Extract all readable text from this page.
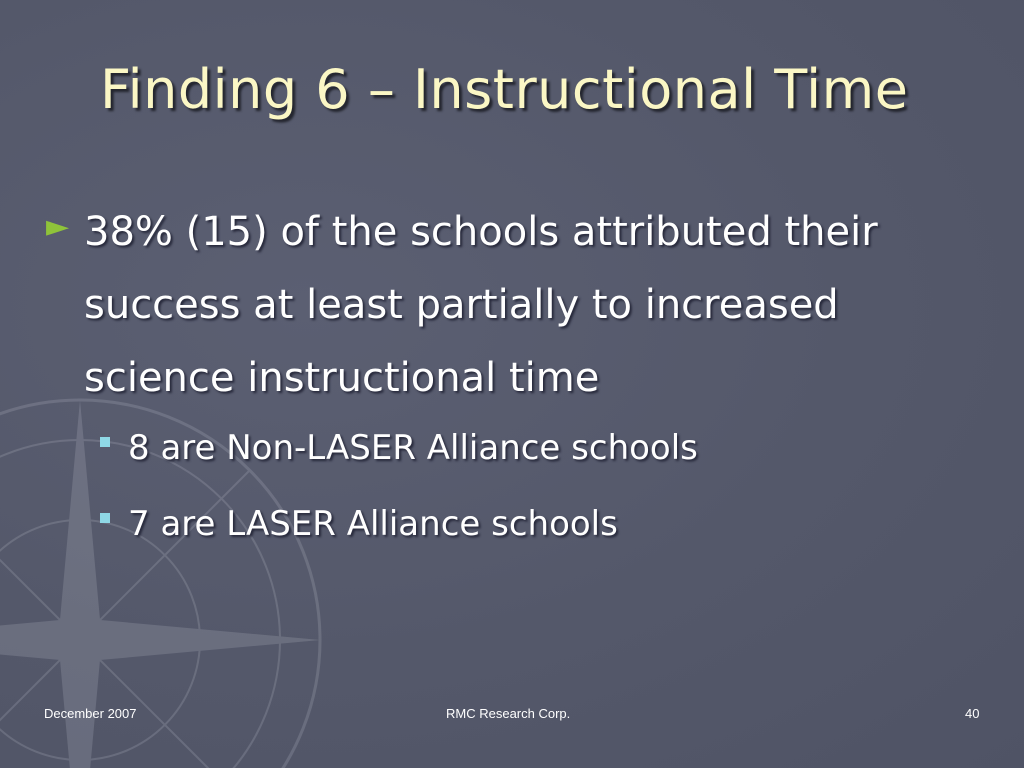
Finding 6 – Instructional Time
► 38% (15) of the schools attributed their success at least partially to increased science instructional time
8 are Non-LASER Alliance schools
7 are LASER Alliance schools
December 2007	RMC Research Corp.	40
